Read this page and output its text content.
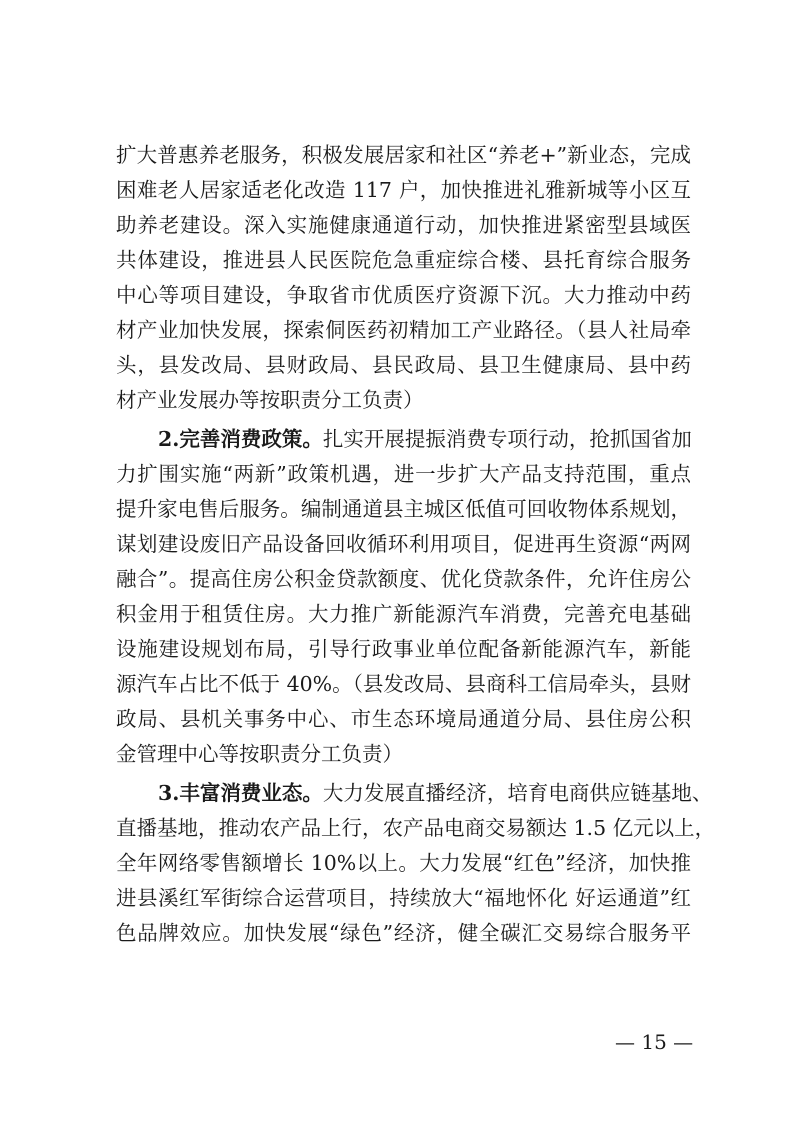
扩大普惠养老服务，积极发展居家和社区“养老+”新业态，完成
困难老人居家适老化改造 117 户，加快推进礼雅新城等小区互
助养老建设。深入实施健康通道行动，加快推进紧密型县域医
共体建设，推进县人民医院危急重症综合楼、县托育综合服务
中心等项目建设，争取省市优质医疗资源下沉。大力推动中药
材产业加快发展，探索侗医药初精加工产业路径。（县人社局牵
头，县发改局、县财政局、县民政局、县卫生健康局、县中药
材产业发展办等按职责分工负责）
2.完善消费政策。扎实开展提振消费专项行动，抢抓国省加
力扩围实施“两新”政策机遇，进一步扩大产品支持范围，重点
提升家电售后服务。编制通道县主城区低值可回收物体系规划，
谋划建设废旧产品设备回收循环利用项目，促进再生资源“两网
融合”。提高住房公积金贷款额度、优化贷款条件，允许住房公
积金用于租赁住房。大力推广新能源汽车消费，完善充电基础
设施建设规划布局，引导行政事业单位配备新能源汽车，新能
源汽车占比不低于 40%。（县发改局、县商科工信局牵头，县财
政局、县机关事务中心、市生态环境局通道分局、县住房公积
金管理中心等按职责分工负责）
3.丰富消费业态。大力发展直播经济，培育电商供应链基地、
直播基地，推动农产品上行，农产品电商交易额达 1.5 亿元以上，
全年网络零售额增长 10%以上。大力发展“红色”经济，加快推
进县溪红军街综合运营项目，持续放大“福地怀化 好运通道”红
色品牌效应。加快发展“绿色”经济，健全碳汇交易综合服务平
— 15 —
